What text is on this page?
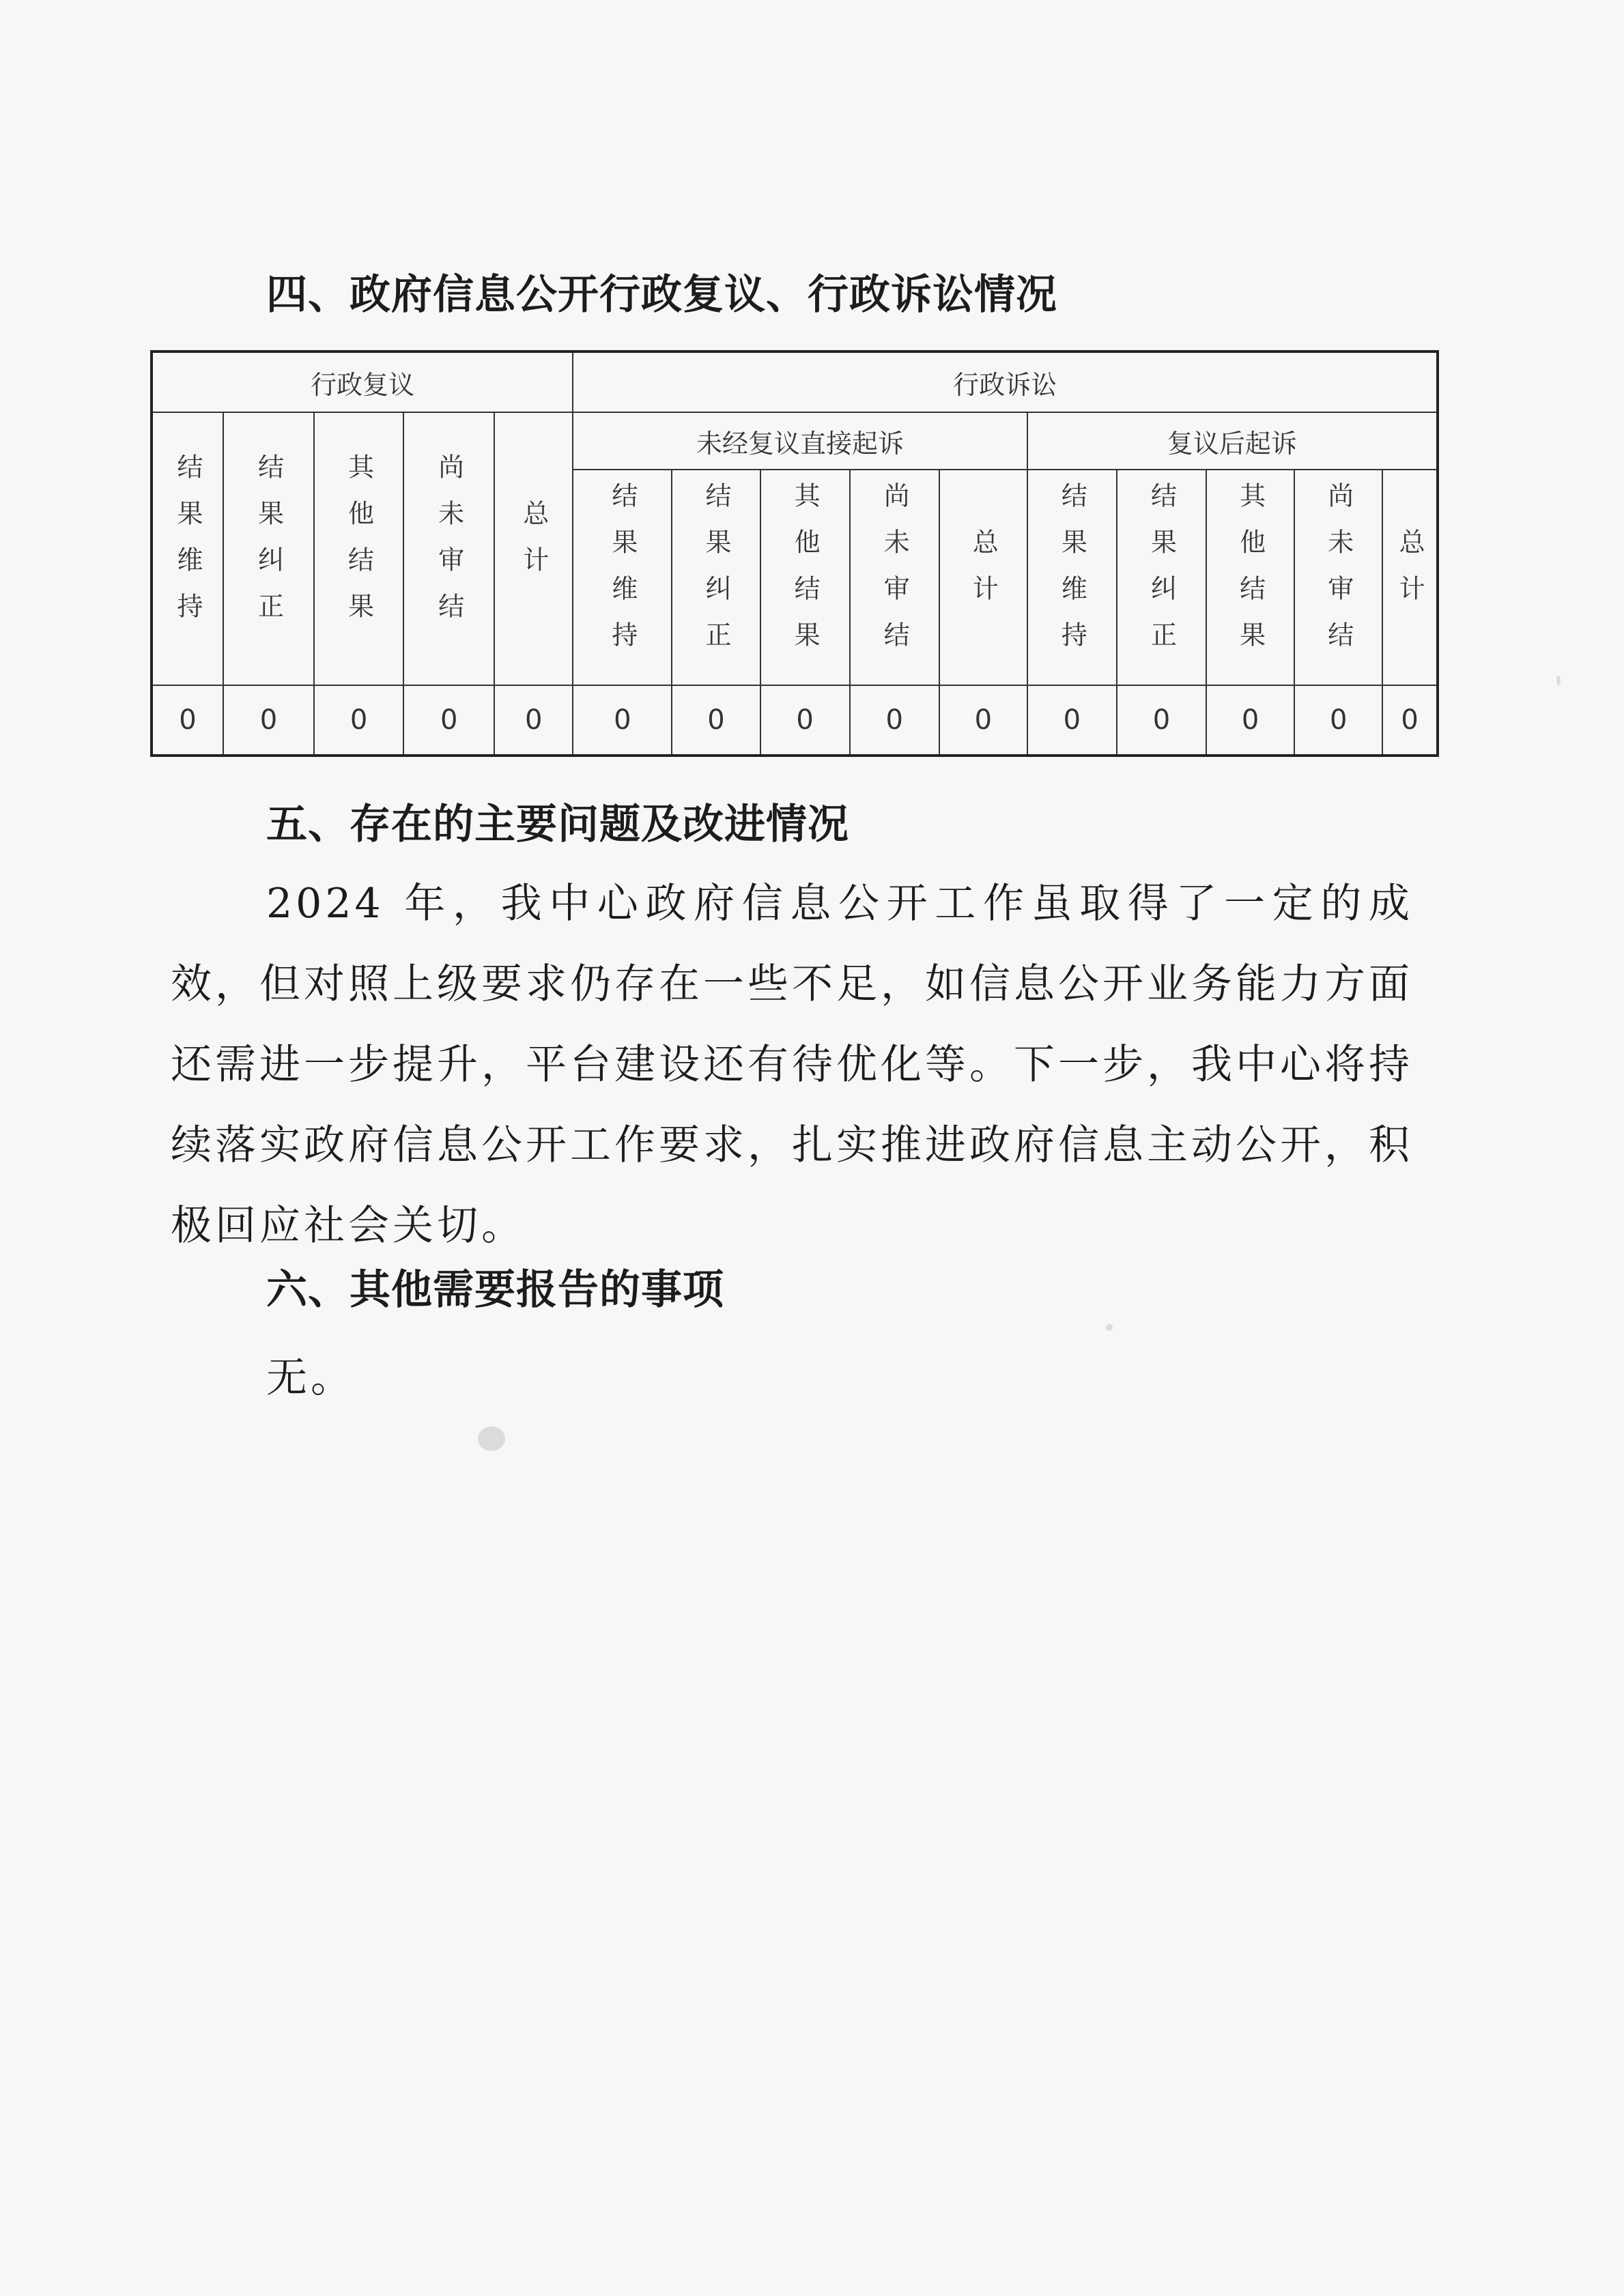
四、政府信息公开行政复议、行政诉讼情况
行政复议					行政诉讼									
结果维持	结果纠正	其他结果	尚未审结	总计	未经复议直接起诉					复议后起诉				
					结果维持	结果纠正	其他结果	尚未审结	总计	结果维持	结果纠正	其他结果	尚未审结	总计
0	0	0	0	0	0	0	0	0	0	0	0	0	0	0
五、存在的主要问题及改进情况

2024 年，我中心政府信息公开工作虽取得了一定的成效，但对照上级要求仍存在一些不足，如信息公开业务能力方面还需进一步提升，平台建设还有待优化等。下一步，我中心将持续落实政府信息公开工作要求，扎实推进政府信息主动公开，积极回应社会关切。

六、其他需要报告的事项

无。
